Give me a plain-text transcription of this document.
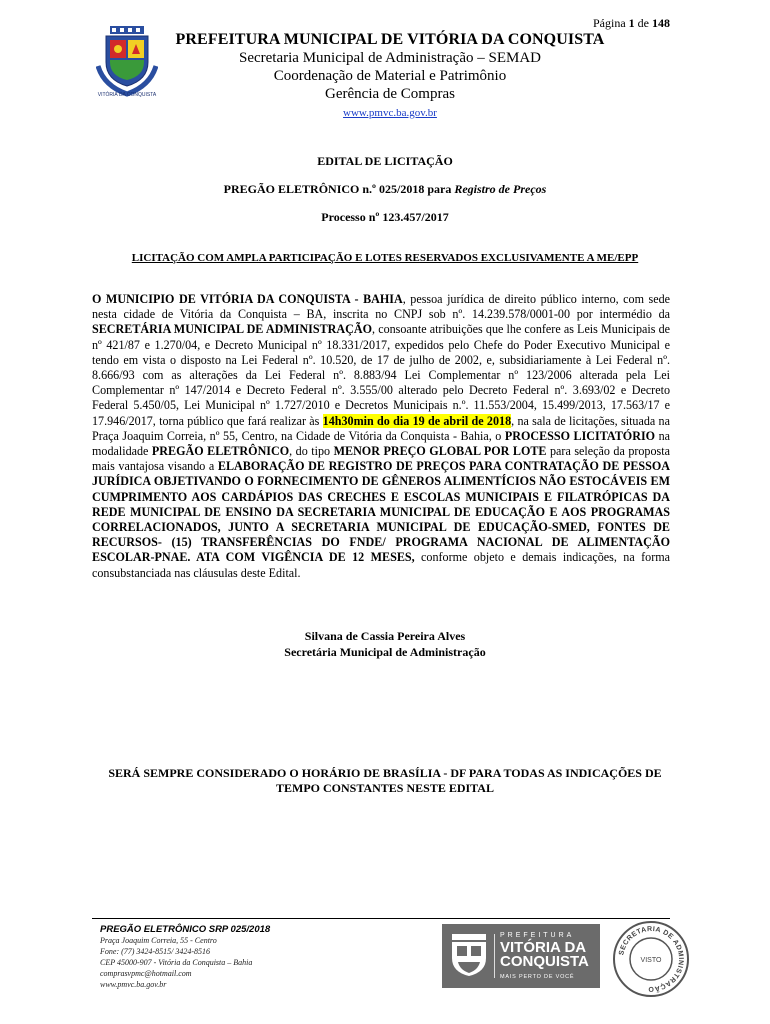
Página 1 de 148
VITÓRIA DA CONQUISTA
PREFEITURA MUNICIPAL DE VITÓRIA DA CONQUISTA
Secretaria Municipal de Administração – SEMAD
Coordenação de Material e Patrimônio
Gerência de Compras
www.pmvc.ba.gov.br
EDITAL DE LICITAÇÃO
PREGÃO ELETRÔNICO n.º 025/2018 para Registro de Preços
Processo nº 123.457/2017
LICITAÇÃO COM AMPLA PARTICIPAÇÃO E LOTES RESERVADOS EXCLUSIVAMENTE A ME/EPP
O MUNICIPIO DE VITÓRIA DA CONQUISTA - BAHIA, pessoa jurídica de direito público interno, com sede nesta cidade de Vitória da Conquista – BA, inscrita no CNPJ sob nº. 14.239.578/0001-00 por intermédio da SECRETÁRIA MUNICIPAL DE ADMINISTRAÇÃO, consoante atribuições que lhe confere as Leis Municipais de nº 421/87 e 1.270/04, e Decreto Municipal nº 18.331/2017, expedidos pelo Chefe do Poder Executivo Municipal e tendo em vista o disposto na Lei Federal nº. 10.520, de 17 de julho de 2002, e, subsidiariamente à Lei Federal nº. 8.666/93 com as alterações da Lei Federal nº. 8.883/94 Lei Complementar nº 123/2006 alterada pela Lei Complementar nº 147/2014 e Decreto Federal nº. 3.555/00 alterado pelo Decreto Federal nº. 3.693/02 e Decreto Federal 5.450/05, Lei Municipal nº 1.727/2010 e Decretos Municipais n.º. 11.553/2004, 15.499/2013, 17.563/17 e 17.946/2017, torna público que fará realizar às 14h30min do dia 19 de abril de 2018, na sala de licitações, situada na Praça Joaquim Correia, nº 55, Centro, na Cidade de Vitória da Conquista - Bahia, o PROCESSO LICITATÓRIO na modalidade PREGÃO ELETRÔNICO, do tipo MENOR PREÇO GLOBAL POR LOTE para seleção da proposta mais vantajosa visando a ELABORAÇÃO DE REGISTRO DE PREÇOS PARA CONTRATAÇÃO DE PESSOA JURÍDICA OBJETIVANDO O FORNECIMENTO DE GÊNEROS ALIMENTÍCIOS NÃO ESTOCÁVEIS EM CUMPRIMENTO AOS CARDÁPIOS DAS CRECHES E ESCOLAS MUNICIPAIS E FILATRÓPICAS DA REDE MUNICIPAL DE ENSINO DA SECRETARIA MUNICIPAL DE EDUCAÇÃO E AOS PROGRAMAS CORRELACIONADOS, JUNTO A SECRETARIA MUNICIPAL DE EDUCAÇÃO-SMED, FONTES DE RECURSOS- (15) TRANSFERÊNCIAS DO FNDE/ PROGRAMA NACIONAL DE ALIMENTAÇÃO ESCOLAR-PNAE. ATA COM VIGÊNCIA DE 12 MESES, conforme objeto e demais indicações, na forma consubstanciada nas cláusulas deste Edital.
Silvana de Cassia Pereira Alves
Secretária Municipal de Administração
SERÁ SEMPRE CONSIDERADO O HORÁRIO DE BRASÍLIA - DF PARA TODAS AS INDICAÇÕES DE TEMPO CONSTANTES NESTE EDITAL
PREGÃO ELETRÔNICO SRP 025/2018
Praça Joaquim Correia, 55 - Centro
Fone: (77) 3424-8515/ 3424-8516
CEP 45000-907 - Vitória da Conquista – Bahia
comprasvpmc@hotmail.com
www.pmvc.ba.gov.br
PREFEITURA
VITÓRIA DA
CONQUISTA
MAIS PERTO DE VOCÊ
SECRETARIA DE ADMINISTRAÇÃO
VISTO
